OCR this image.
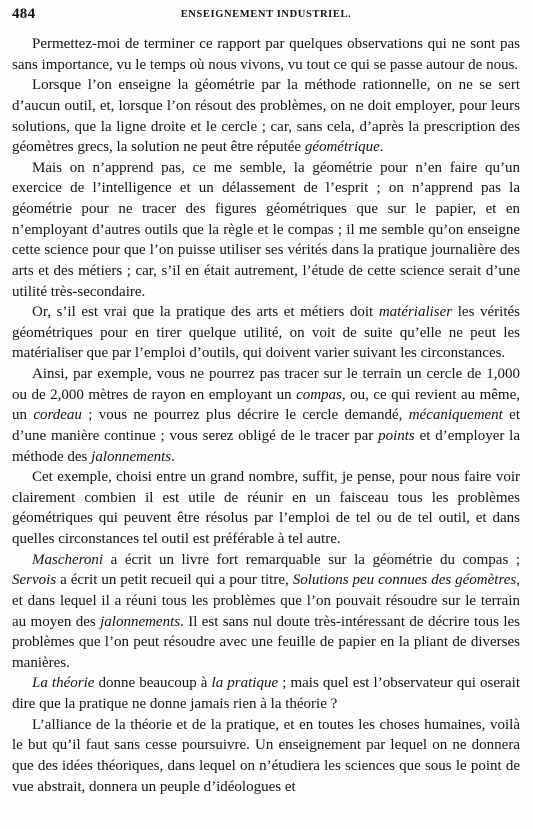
484	ENSEIGNEMENT INDUSTRIEL.

Permettez-moi de terminer ce rapport par quelques observations qui ne sont pas sans importance, vu le temps où nous vivons, vu tout ce qui se passe autour de nous.

Lorsque l’on enseigne la géométrie par la méthode rationnelle, on ne se sert d’aucun outil, et, lorsque l’on résout des problèmes, on ne doit employer, pour leurs solutions, que la ligne droite et le cercle ; car, sans cela, d’après la prescription des géomètres grecs, la solution ne peut être réputée géométrique.

Mais on n’apprend pas, ce me semble, la géométrie pour n’en faire qu’un exercice de l’intelligence et un délassement de l’esprit ; on n’apprend pas la géométrie pour ne tracer des figures géométriques que sur le papier, et en n’employant d’autres outils que la règle et le compas ; il me semble qu’on enseigne cette science pour que l’on puisse utiliser ses vérités dans la pratique journalière des arts et des métiers ; car, s’il en était autrement, l’étude de cette science serait d’une utilité très-secondaire.

Or, s’il est vrai que la pratique des arts et métiers doit matérialiser les vérités géométriques pour en tirer quelque utilité, on voit de suite qu’elle ne peut les matérialiser que par l’emploi d’outils, qui doivent varier suivant les circonstances.

Ainsi, par exemple, vous ne pourrez pas tracer sur le terrain un cercle de 1,000 ou de 2,000 mètres de rayon en employant un compas, ou, ce qui revient au même, un cordeau ; vous ne pourrez plus décrire le cercle demandé, mécaniquement et d’une manière continue ; vous serez obligé de le tracer par points et d’employer la méthode des jalonnements.

Cet exemple, choisi entre un grand nombre, suffit, je pense, pour nous faire voir clairement combien il est utile de réunir en un faisceau tous les problèmes géométriques qui peuvent être résolus par l’emploi de tel ou de tel outil, et dans quelles circonstances tel outil est préférable à tel autre.

Mascheroni a écrit un livre fort remarquable sur la géométrie du compas ; Servois a écrit un petit recueil qui a pour titre, Solutions peu connues des géomètres, et dans lequel il a réuni tous les problèmes que l’on pouvait résoudre sur le terrain au moyen des jalonnements. Il est sans nul doute très-intéressant de décrire tous les problèmes que l’on peut résoudre avec une feuille de papier en la pliant de diverses manières.

La théorie donne beaucoup à la pratique ; mais quel est l’observateur qui oserait dire que la pratique ne donne jamais rien à la théorie ?

L’alliance de la théorie et de la pratique, et en toutes les choses humaines, voilà le but qu’il faut sans cesse poursuivre. Un enseignement par lequel on ne donnera que des idées théoriques, dans lequel on n’étudiera les sciences que sous le point de vue abstrait, donnera un peuple d’idéologues et
